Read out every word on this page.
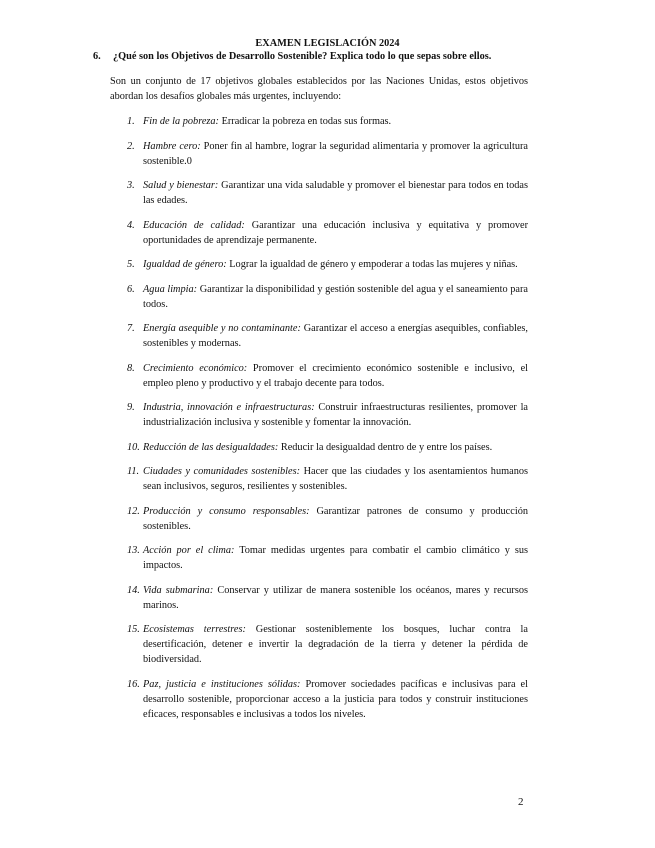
EXAMEN LEGISLACIÓN 2024
6. ¿Qué son los Objetivos de Desarrollo Sostenible? Explica todo lo que sepas sobre ellos.
Son un conjunto de 17 objetivos globales establecidos por las Naciones Unidas, estos objetivos abordan los desafíos globales más urgentes, incluyendo:
1. Fin de la pobreza: Erradicar la pobreza en todas sus formas.
2. Hambre cero: Poner fin al hambre, lograr la seguridad alimentaria y promover la agricultura sostenible.0
3. Salud y bienestar: Garantizar una vida saludable y promover el bienestar para todos en todas las edades.
4. Educación de calidad: Garantizar una educación inclusiva y equitativa y promover oportunidades de aprendizaje permanente.
5. Igualdad de género: Lograr la igualdad de género y empoderar a todas las mujeres y niñas.
6. Agua limpia: Garantizar la disponibilidad y gestión sostenible del agua y el saneamiento para todos.
7. Energía asequible y no contaminante: Garantizar el acceso a energías asequibles, confiables, sostenibles y modernas.
8. Crecimiento económico: Promover el crecimiento económico sostenible e inclusivo, el empleo pleno y productivo y el trabajo decente para todos.
9. Industria, innovación e infraestructuras: Construir infraestructuras resilientes, promover la industrialización inclusiva y sostenible y fomentar la innovación.
10. Reducción de las desigualdades: Reducir la desigualdad dentro de y entre los países.
11. Ciudades y comunidades sostenibles: Hacer que las ciudades y los asentamientos humanos sean inclusivos, seguros, resilientes y sostenibles.
12. Producción y consumo responsables: Garantizar patrones de consumo y producción sostenibles.
13. Acción por el clima: Tomar medidas urgentes para combatir el cambio climático y sus impactos.
14. Vida submarina: Conservar y utilizar de manera sostenible los océanos, mares y recursos marinos.
15. Ecosistemas terrestres: Gestionar sosteniblemente los bosques, luchar contra la desertificación, detener e invertir la degradación de la tierra y detener la pérdida de biodiversidad.
16. Paz, justicia e instituciones sólidas: Promover sociedades pacíficas e inclusivas para el desarrollo sostenible, proporcionar acceso a la justicia para todos y construir instituciones eficaces, responsables e inclusivas a todos los niveles.
2
